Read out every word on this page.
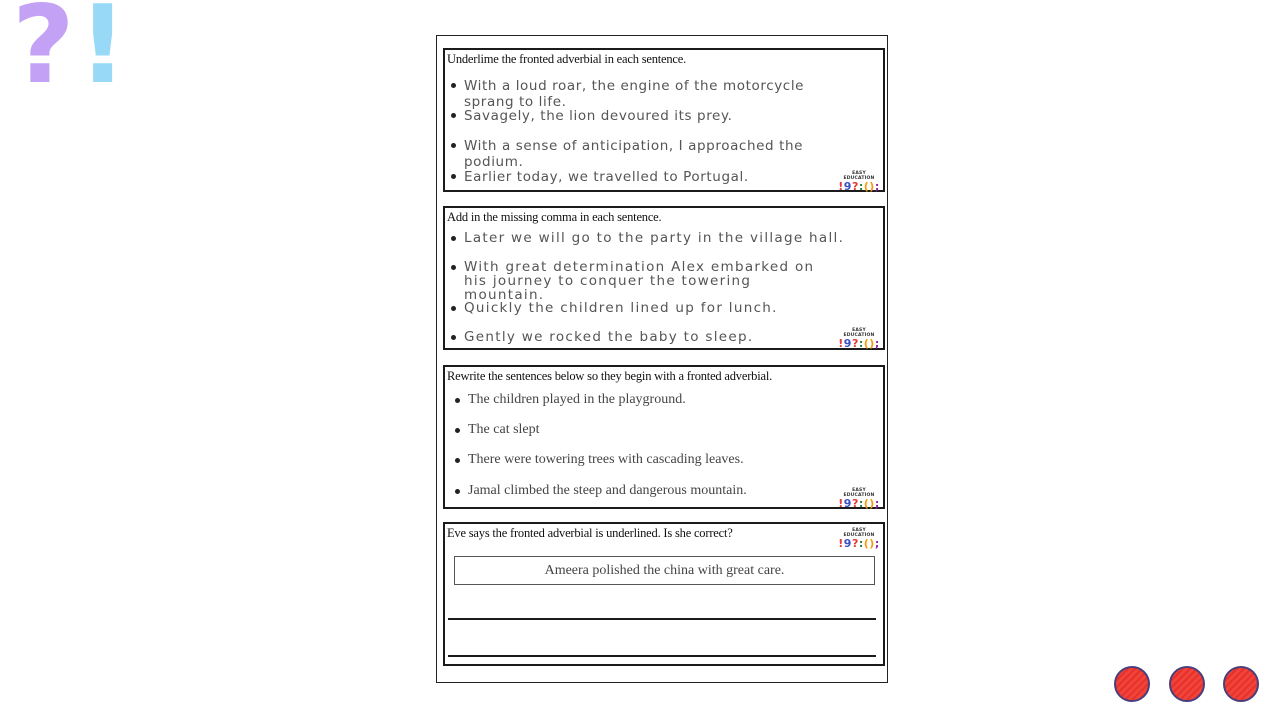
? !	Underlime the fronted adverbial in each sentence.
With a loud roar, the engine of the motorcycle sprang to life.
Savagely, the lion devoured its prey.
With a sense of anticipation, I approached the podium.
Earlier today, we travelled to Portugal.	EASY EDUCATION
!9?:();
Add in the missing comma in each sentence.
Later we will go to the party in the village hall.
With great determination Alex embarked on his journey to conquer the towering mountain.
Quickly the children lined up for lunch.
Gently we rocked the baby to sleep.	EASY EDUCATION
!9?:();
Rewrite the sentences below so they begin with a fronted adverbial.
The children played in the playground.
The cat slept
There were towering trees with cascading leaves.
Jamal climbed the steep and dangerous mountain.	EASY EDUCATION
!9?:();
Eve says the fronted adverbial is underlined. Is she correct?	EASY EDUCATION
!9?:();
Ameera polished the china with great care.
